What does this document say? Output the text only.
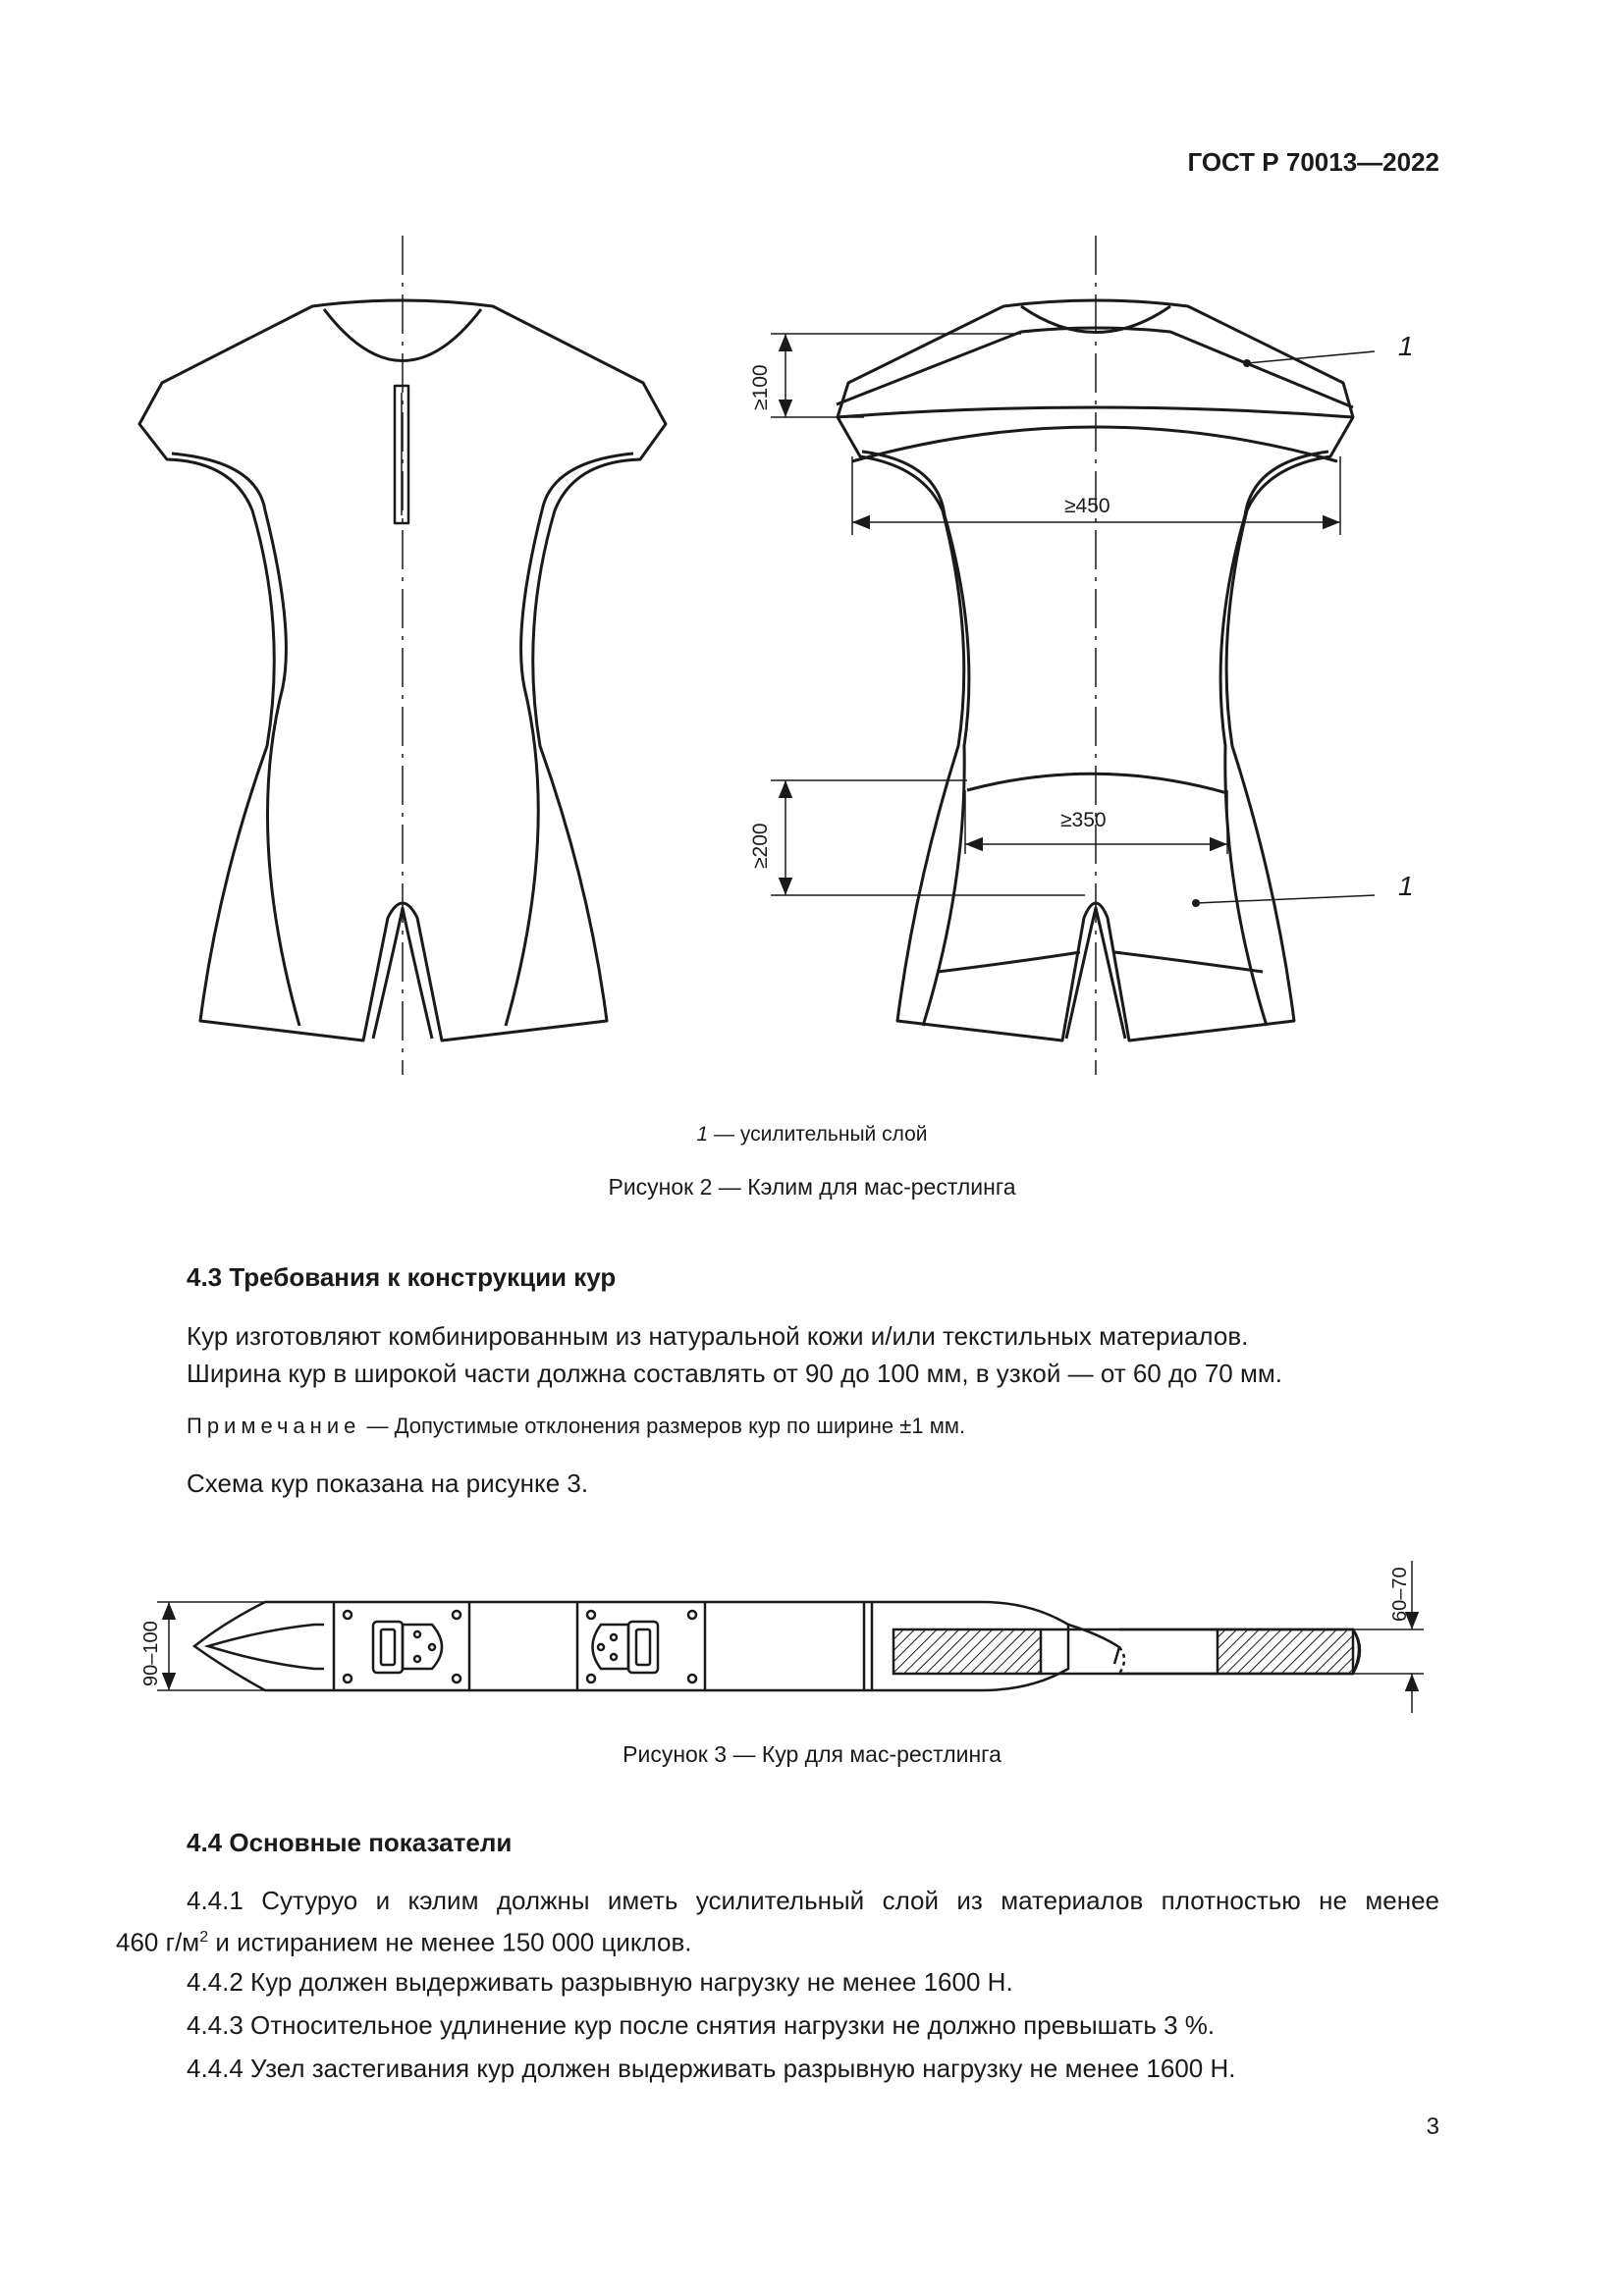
ГОСТ Р 70013—2022
≥100
≥450
≥350
≥200
1
1
1 — усилительный слой
Рисунок 2 — Кэлим для мас-рестлинга
4.3 Требования к конструкции кур
Кур изготовляют комбинированным из натуральной кожи и/или текстильных материалов.
Ширина кур в широкой части должна составлять от 90 до 100 мм, в узкой — от 60 до 70 мм.
Примечание — Допустимые отклонения размеров кур по ширине ±1 мм.
Схема кур показана на рисунке 3.
90–100
60–70
Рисунок 3 — Кур для мас-рестлинга
4.4 Основные показатели
4.4.1 Сутуруо и кэлим должны иметь усилительный слой из материалов плотностью не менее
460 $г/м^2$ и истиранием не менее 150 000 циклов.
4.4.2 Кур должен выдерживать разрывную нагрузку не менее 1600 Н.
4.4.3 Относительное удлинение кур после снятия нагрузки не должно превышать 3 %.
4.4.4 Узел застегивания кур должен выдерживать разрывную нагрузку не менее 1600 Н.
3
